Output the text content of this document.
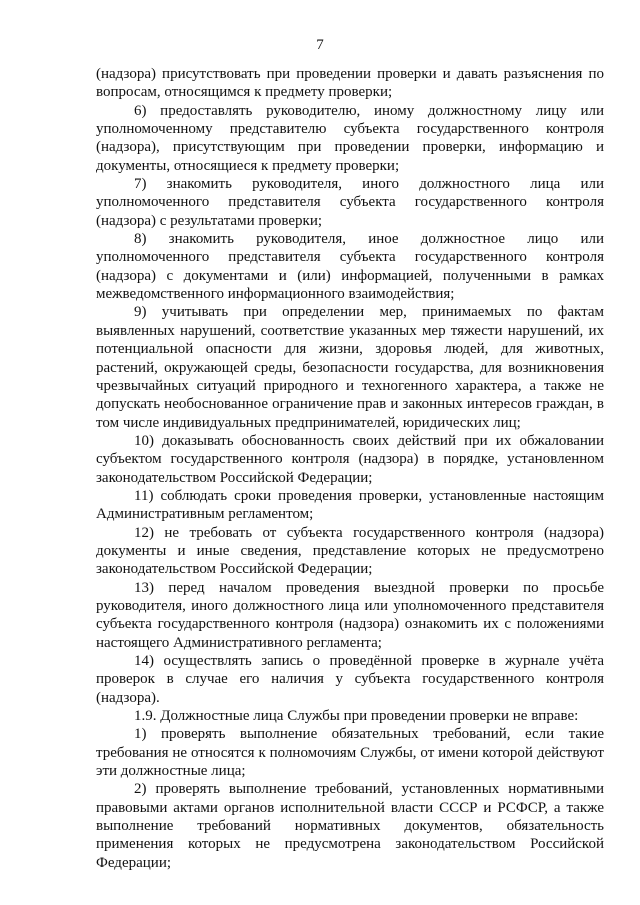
7

(надзора) присутствовать при проведении проверки и давать разъяснения по вопросам, относящимся к предмету проверки;

6) предоставлять руководителю, иному должностному лицу или уполномоченному представителю субъекта государственного контроля (надзора), присутствующим при проведении проверки, информацию и документы, относящиеся к предмету проверки;

7) знакомить руководителя, иного должностного лица или уполномоченного представителя субъекта государственного контроля (надзора) с результатами проверки;

8) знакомить руководителя, иное должностное лицо или уполномоченного представителя субъекта государственного контроля (надзора) с документами и (или) информацией, полученными в рамках межведомственного информационного взаимодействия;

9) учитывать при определении мер, принимаемых по фактам выявленных нарушений, соответствие указанных мер тяжести нарушений, их потенциальной опасности для жизни, здоровья людей, для животных, растений, окружающей среды, безопасности государства, для возникновения чрезвычайных ситуаций природного и техногенного характера, а также не допускать необоснованное ограничение прав и законных интересов граждан, в том числе индивидуальных предпринимателей, юридических лиц;

10) доказывать обоснованность своих действий при их обжаловании субъектом государственного контроля (надзора) в порядке, установленном законодательством Российской Федерации;

11) соблюдать сроки проведения проверки, установленные настоящим Административным регламентом;

12) не требовать от субъекта государственного контроля (надзора) документы и иные сведения, представление которых не предусмотрено законодательством Российской Федерации;

13) перед началом проведения выездной проверки по просьбе руководителя, иного должностного лица или уполномоченного представителя субъекта государственного контроля (надзора) ознакомить их с положениями настоящего Административного регламента;

14) осуществлять запись о проведённой проверке в журнале учёта проверок в случае его наличия у субъекта государственного контроля (надзора).

1.9. Должностные лица Службы при проведении проверки не вправе:

1) проверять выполнение обязательных требований, если такие требования не относятся к полномочиям Службы, от имени которой действуют эти должностные лица;

2) проверять выполнение требований, установленных нормативными правовыми актами органов исполнительной власти СССР и РСФСР, а также выполнение требований нормативных документов, обязательность применения которых не предусмотрена законодательством Российской Федерации;
